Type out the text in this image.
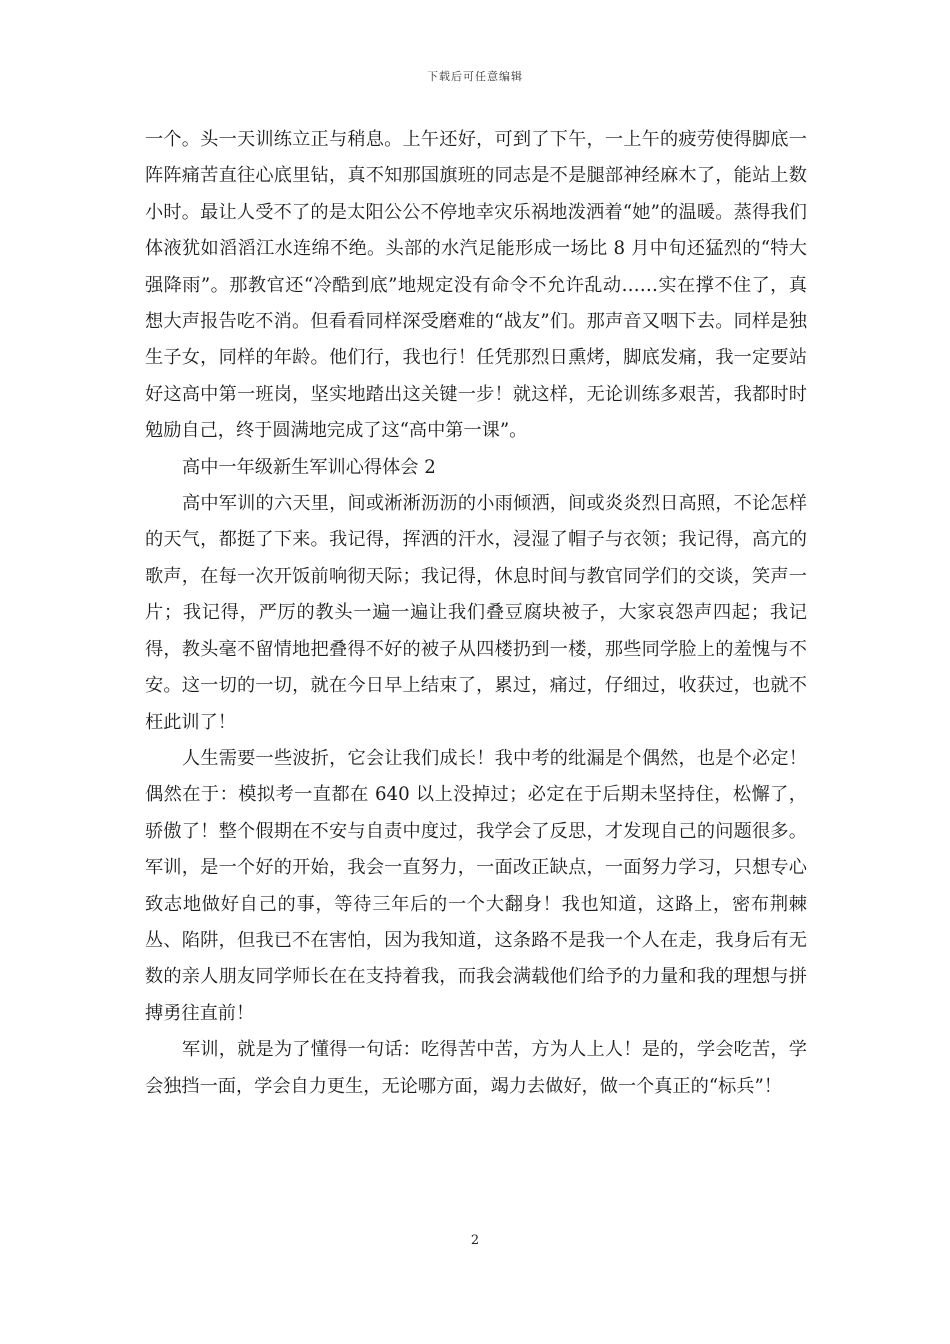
下载后可任意编辑

一个。头一天训练立正与稍息。上午还好，可到了下午，一上午的疲劳使得脚底一阵阵痛苦直往心底里钻，真不知那国旗班的同志是不是腿部神经麻木了，能站上数小时。最让人受不了的是太阳公公不停地幸灾乐祸地泼洒着“她”的温暖。蒸得我们体液犹如滔滔江水连绵不绝。头部的水汽足能形成一场比 8 月中旬还猛烈的“特大强降雨”。那教官还“冷酷到底”地规定没有命令不允许乱动……实在撑不住了，真想大声报告吃不消。但看看同样深受磨难的“战友”们。那声音又咽下去。同样是独生子女，同样的年龄。他们行，我也行！任凭那烈日熏烤，脚底发痛，我一定要站好这高中第一班岗，坚实地踏出这关键一步！就这样，无论训练多艰苦，我都时时勉励自己，终于圆满地完成了这“高中第一课”。

高中一年级新生军训心得体会 2

高中军训的六天里，间或淅淅沥沥的小雨倾洒，间或炎炎烈日高照，不论怎样的天气，都挺了下来。我记得，挥洒的汗水，浸湿了帽子与衣领；我记得，高亢的歌声，在每一次开饭前响彻天际；我记得，休息时间与教官同学们的交谈，笑声一片；我记得，严厉的教头一遍一遍让我们叠豆腐块被子，大家哀怨声四起；我记得，教头毫不留情地把叠得不好的被子从四楼扔到一楼，那些同学脸上的羞愧与不安。这一切的一切，就在今日早上结束了，累过，痛过，仔细过，收获过，也就不枉此训了！

人生需要一些波折，它会让我们成长！我中考的纰漏是个偶然，也是个必定！偶然在于：模拟考一直都在 640 以上没掉过；必定在于后期未坚持住，松懈了，骄傲了！整个假期在不安与自责中度过，我学会了反思，才发现自己的问题很多。军训，是一个好的开始，我会一直努力，一面改正缺点，一面努力学习，只想专心致志地做好自己的事，等待三年后的一个大翻身！我也知道，这路上，密布荆棘丛、陷阱，但我已不在害怕，因为我知道，这条路不是我一个人在走，我身后有无数的亲人朋友同学师长在在支持着我，而我会满载他们给予的力量和我的理想与拼搏勇往直前！

军训，就是为了懂得一句话：吃得苦中苦，方为人上人！是的，学会吃苦，学会独挡一面，学会自力更生，无论哪方面，竭力去做好，做一个真正的“标兵”！

2
